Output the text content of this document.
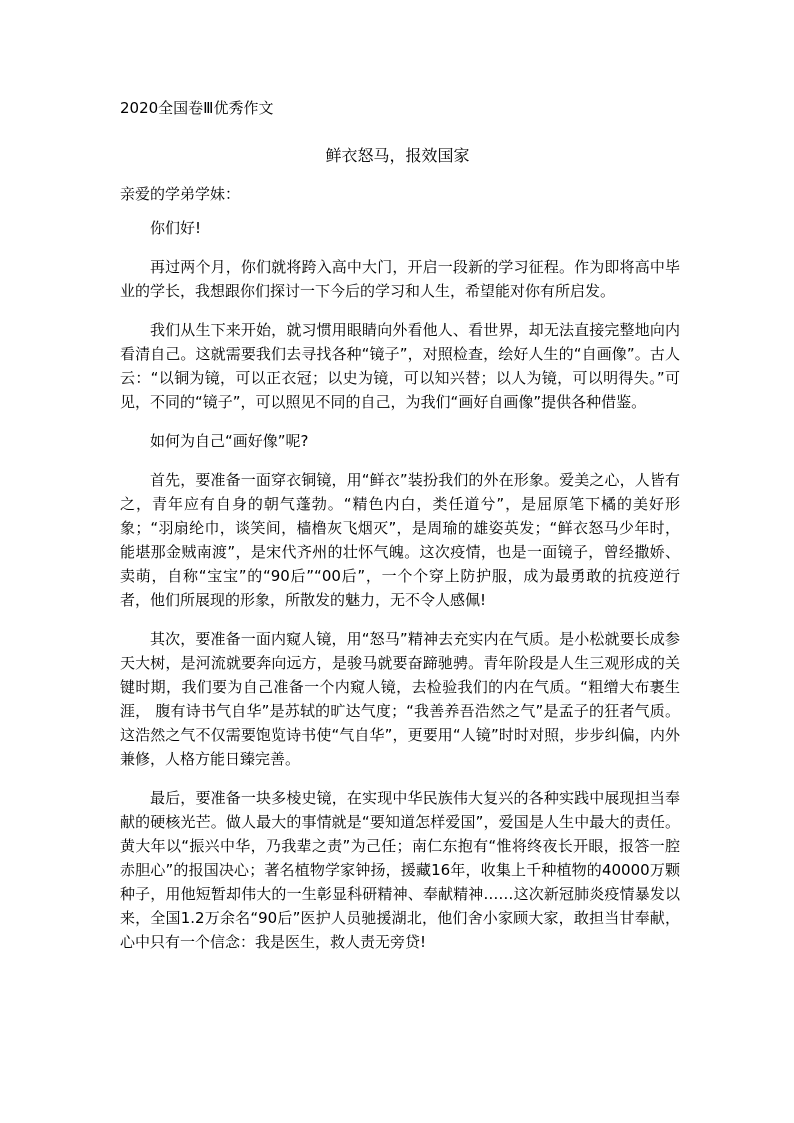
2020全国卷Ⅲ优秀作文
鲜衣怒马，报效国家
亲爱的学弟学妹：

你们好!

再过两个月，你们就将跨入高中大门，开启一段新的学习征程。作为即将高中毕业的学长，我想跟你们探讨一下今后的学习和人生，希望能对你有所启发。

我们从生下来开始，就习惯用眼睛向外看他人、看世界，却无法直接完整地向内看清自己。这就需要我们去寻找各种“镜子”，对照检查，绘好人生的“自画像”。古人云：“以铜为镜，可以正衣冠；以史为镜，可以知兴替；以人为镜，可以明得失。”可见，不同的“镜子”，可以照见不同的自己，为我们“画好自画像”提供各种借鉴。

如何为自己“画好像”呢?

首先，要准备一面穿衣铜镜，用“鲜衣”装扮我们的外在形象。爱美之心，人皆有之，青年应有自身的朝气蓬勃。“精色内白，类任道兮”，是屈原笔下橘的美好形象；“羽扇纶巾，谈笑间，樯橹灰飞烟灭”，是周瑜的雄姿英发；“鲜衣怒马少年时，能堪那金贼南渡”，是宋代齐州的壮怀气魄。这次疫情，也是一面镜子，曾经撒娇、卖萌，自称“宝宝”的“90后”“00后”，一个个穿上防护服，成为最勇敢的抗疫逆行者，他们所展现的形象，所散发的魅力，无不令人感佩!

其次，要准备一面内窥人镜，用“怒马”精神去充实内在气质。是小松就要长成参天大树，是河流就要奔向远方，是骏马就要奋蹄驰骋。青年阶段是人生三观形成的关键时期，我们要为自己准备一个内窥人镜，去检验我们的内在气质。“粗缯大布裹生涯， 腹有诗书气自华”是苏轼的旷达气度；“我善养吾浩然之气”是孟子的狂者气质。这浩然之气不仅需要饱览诗书使“气自华”，更要用“人镜”时时对照，步步纠偏，内外兼修，人格方能日臻完善。

最后，要准备一块多棱史镜，在实现中华民族伟大复兴的各种实践中展现担当奉献的硬核光芒。做人最大的事情就是“要知道怎样爱国”，爱国是人生中最大的责任。黄大年以“振兴中华，乃我辈之责”为己任；南仁东抱有“惟将终夜长开眼，报答一腔赤胆心”的报国决心；著名植物学家钟扬，援藏16年，收集上千种植物的40000万颗种子，用他短暂却伟大的一生彰显科研精神、奉献精神……这次新冠肺炎疫情暴发以来，全国1.2万余名“90后”医护人员驰援湖北，他们舍小家顾大家，敢担当甘奉献，心中只有一个信念：我是医生，救人责无旁贷!
